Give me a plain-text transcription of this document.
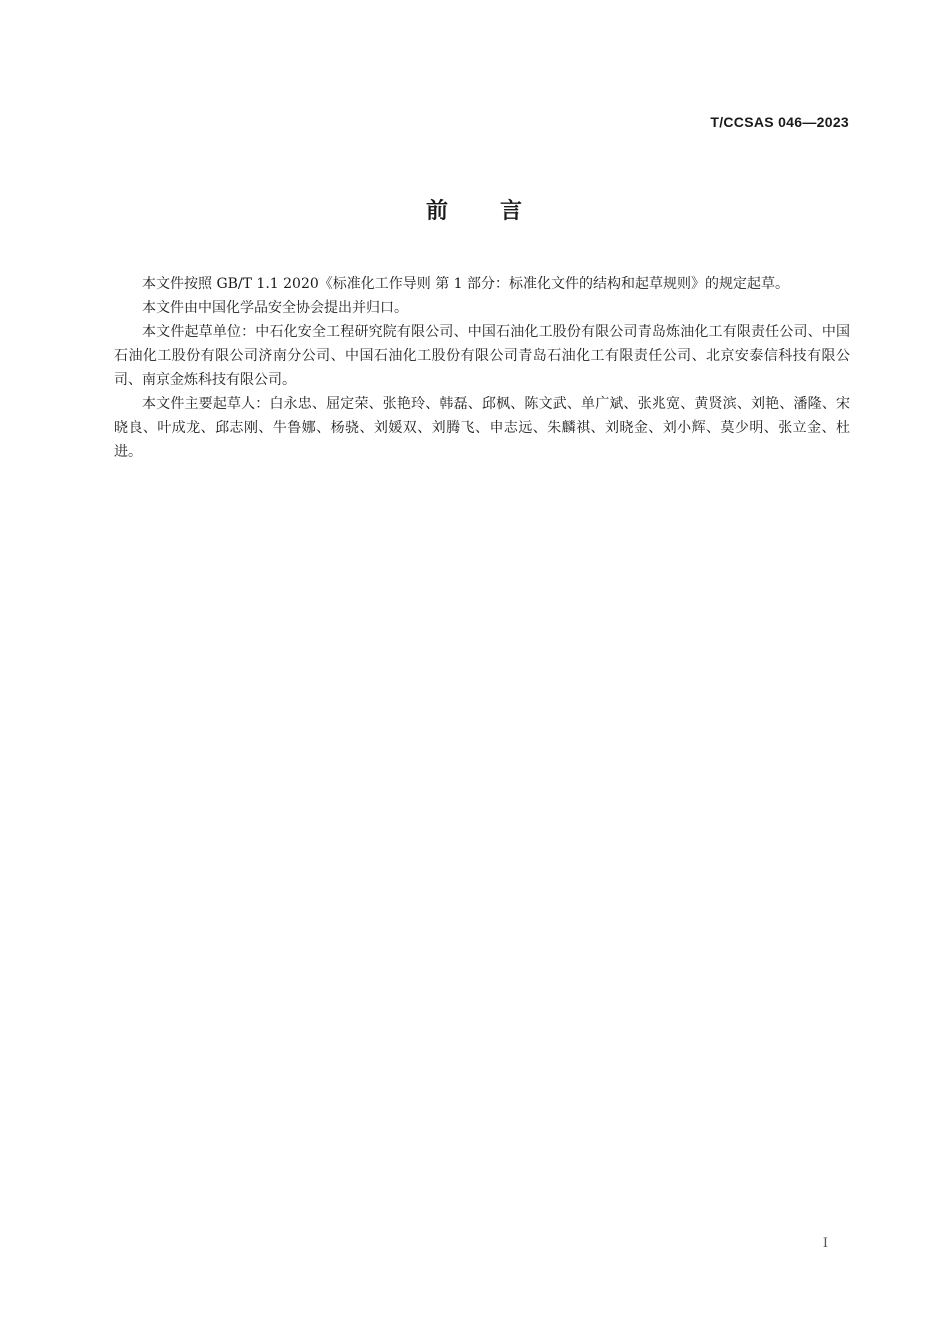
T/CCSAS 046—2023
前 言

本文件按照 GB/T 1.1 2020《标准化工作导则 第 1 部分：标准化文件的结构和起草规则》的规定起草。

本文件由中国化学品安全协会提出并归口。

本文件起草单位：中石化安全工程研究院有限公司、中国石油化工股份有限公司青岛炼油化工有限责任公司、中国石油化工股份有限公司济南分公司、中国石油化工股份有限公司青岛石油化工有限责任公司、北京安泰信科技有限公司、南京金炼科技有限公司。

本文件主要起草人：白永忠、屈定荣、张艳玲、韩磊、邱枫、陈文武、单广斌、张兆宽、黄贤滨、刘艳、潘隆、宋晓良、叶成龙、邱志刚、牛鲁娜、杨骁、刘媛双、刘腾飞、申志远、朱麟祺、刘晓金、刘小辉、莫少明、张立金、杜进。

I
